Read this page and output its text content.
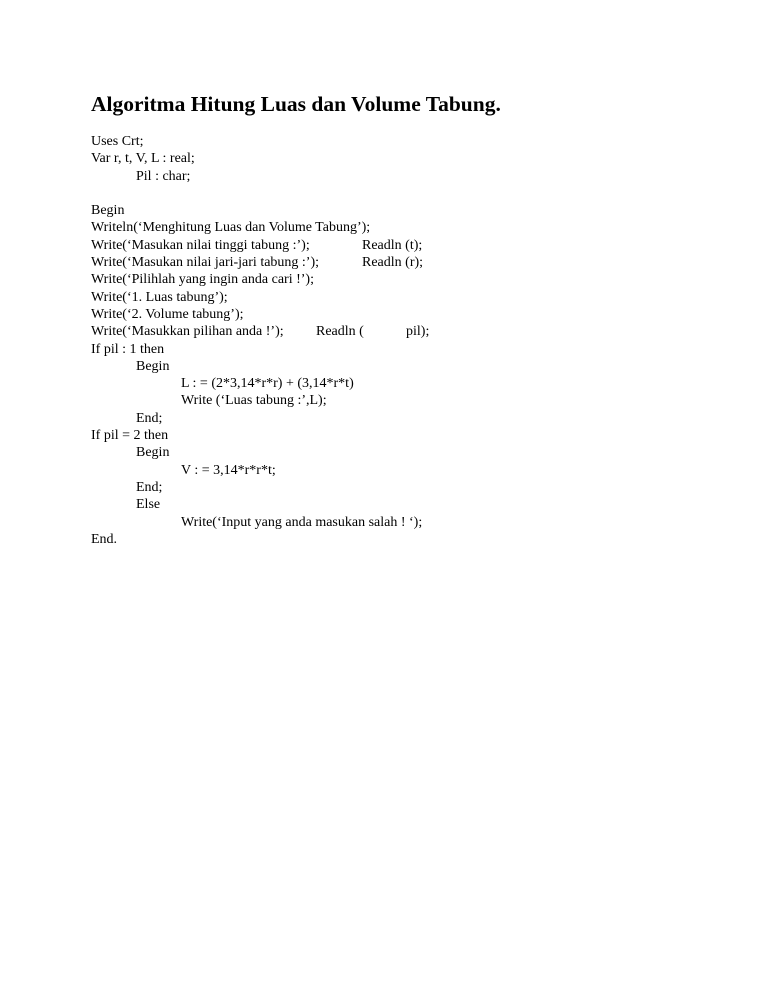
Algoritma Hitung Luas dan Volume Tabung.
Uses Crt;
Var r, t, V, L : real;
Pil : char;
Begin
Writeln(‘Menghitung Luas dan Volume Tabung’);
Write(‘Masukan nilai tinggi tabung :’);	Readln (t);
Write(‘Masukan nilai jari-jari tabung :’);	Readln (r);
Write(‘Pilihlah yang ingin anda cari !’);
Write(‘1. Luas tabung’);
Write(‘2. Volume tabung’);
Write(‘Masukkan pilihan anda !’); Readln (	pil);
If pil : 1 then
Begin
L : = (2*3,14*r*r) + (3,14*r*t)
Write (‘Luas tabung :’,L);
End;
If pil = 2 then
Begin
V : = 3,14*r*r*t;
End;
Else
Write(‘Input yang anda masukan salah ! ‘);
End.
